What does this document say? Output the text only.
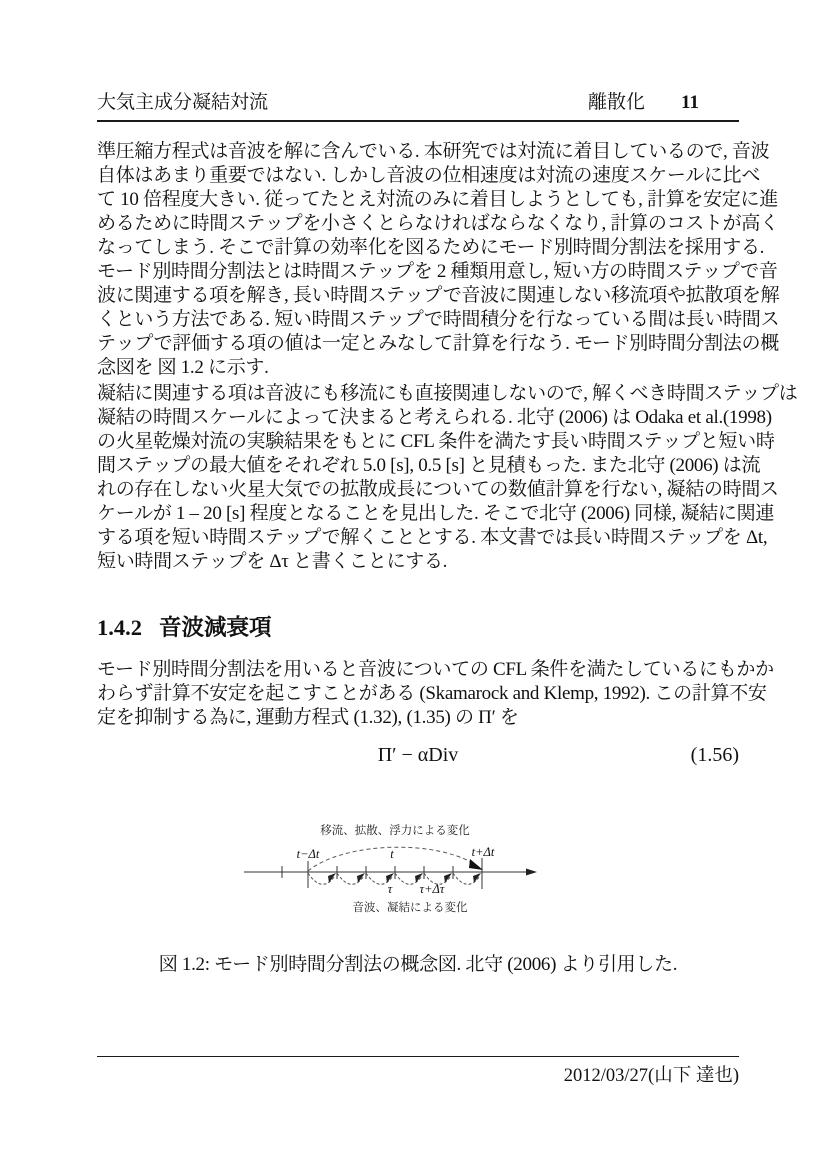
大気主成分凝結対流	離散化 11
準圧縮方程式は音波を解に含んでいる. 本研究では対流に着目しているので, 音波
自体はあまり重要ではない. しかし音波の位相速度は対流の速度スケールに比べ
て 10 倍程度大きい. 従ってたとえ対流のみに着目しようとしても, 計算を安定に進
めるために時間ステップを小さくとらなければならなくなり, 計算のコストが高く
なってしまう. そこで計算の効率化を図るためにモード別時間分割法を採用する.
モード別時間分割法とは時間ステップを 2 種類用意し, 短い方の時間ステップで音
波に関連する項を解き, 長い時間ステップで音波に関連しない移流項や拡散項を解
くという方法である. 短い時間ステップで時間積分を行なっている間は長い時間ス
テップで評価する項の値は一定とみなして計算を行なう. モード別時間分割法の概
念図を 図 1.2 に示す.
凝結に関連する項は音波にも移流にも直接関連しないので, 解くべき時間ステップは
凝結の時間スケールによって決まると考えられる. 北守 (2006) は Odaka et al.(1998)
の火星乾燥対流の実験結果をもとに CFL 条件を満たす長い時間ステップと短い時
間ステップの最大値をそれぞれ 5.0 [s], 0.5 [s] と見積もった. また北守 (2006) は流
れの存在しない火星大気での拡散成長についての数値計算を行ない, 凝結の時間ス
ケールが 1 – 20 [s] 程度となることを見出した. そこで北守 (2006) 同様, 凝結に関連
する項を短い時間ステップで解くこととする. 本文書では長い時間ステップを Δt,
短い時間ステップを Δτ と書くことにする.
1.4.2 音波減衰項
モード別時間分割法を用いると音波についての CFL 条件を満たしているにもかか
わらず計算不安定を起こすことがある (Skamarock and Klemp, 1992). この計算不安
定を抑制する為に, 運動方程式 (1.32), (1.35) の Π′ を
Π′ − αDiv	(1.56)
移流、拡散、浮力による変化
t−Δt	t	t+Δt
τ τ+Δτ
音波、凝結による変化
図 1.2: モード別時間分割法の概念図. 北守 (2006) より引用した.
2012/03/27(山下 達也)
